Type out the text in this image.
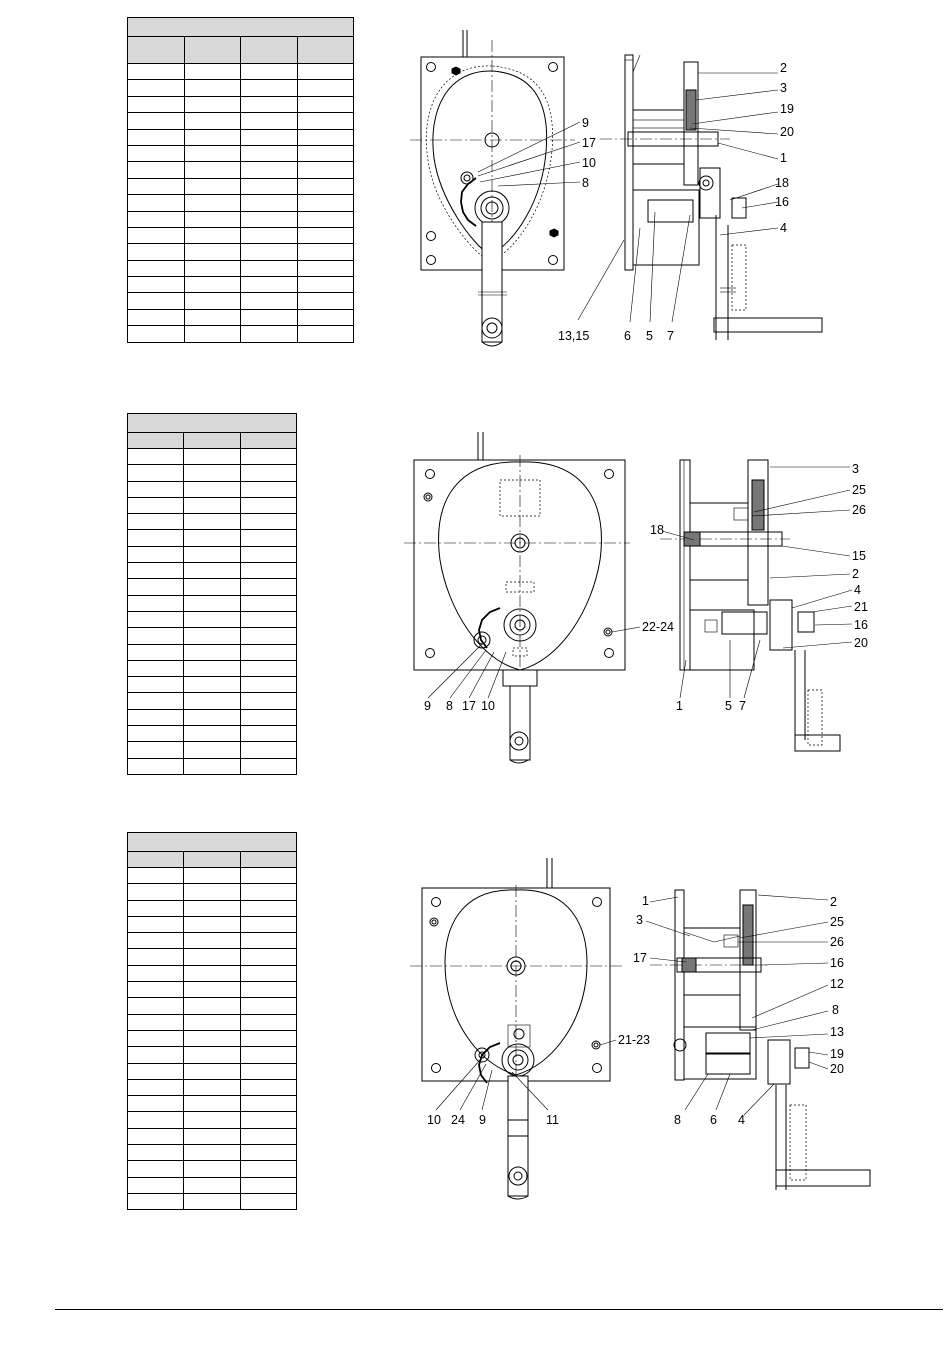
9
17
10
8
2
3
19
20
1
18
16
4
13,15	6 5 7
9 8 17 10
22-24
3
25
26
15
2
4
21
16
20
18
1	5 7
10 24 9	11
21-23
1
3
17
2
25
26
16
12
8
13
19
20
8 6 4
